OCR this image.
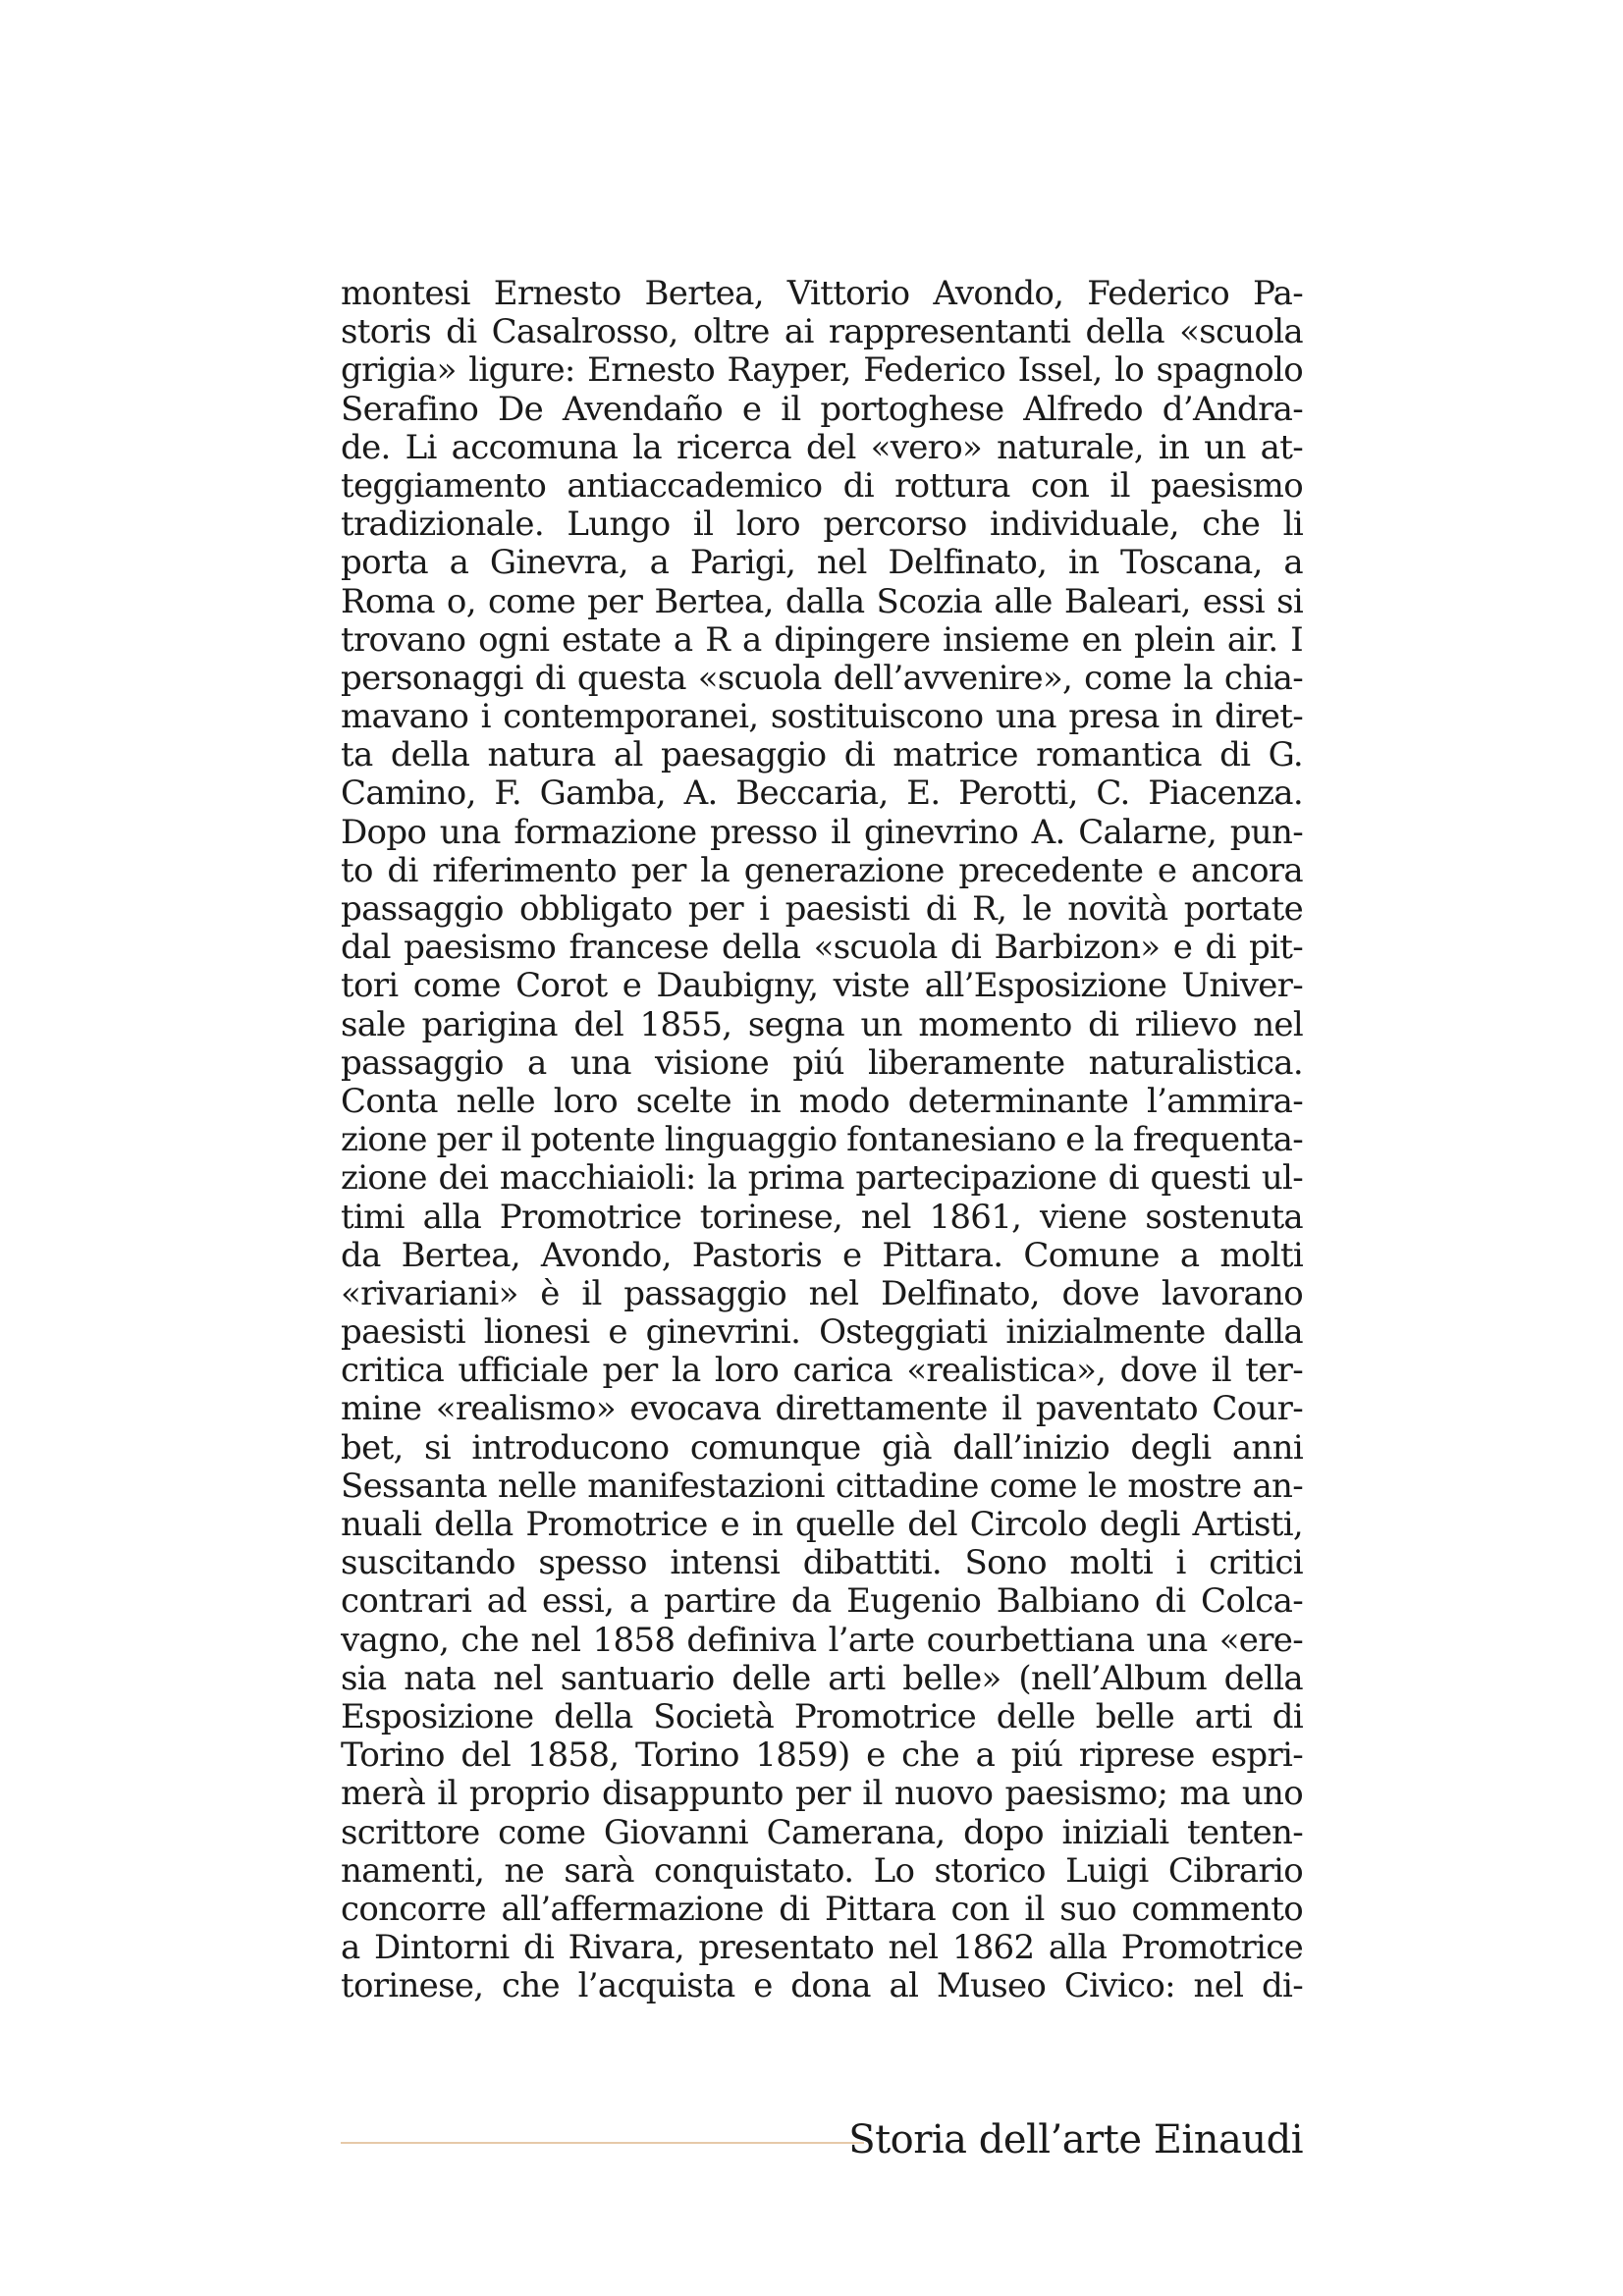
montesi Ernesto Bertea, Vittorio Avondo, Federico Pa-
storis di Casalrosso, oltre ai rappresentanti della «scuola
grigia» ligure: Ernesto Rayper, Federico Issel, lo spagnolo
Serafino De Avendaño e il portoghese Alfredo d’Andra-
de. Li accomuna la ricerca del «vero» naturale, in un at-
teggiamento antiaccademico di rottura con il paesismo
tradizionale. Lungo il loro percorso individuale, che li
porta a Ginevra, a Parigi, nel Delfinato, in Toscana, a
Roma o, come per Bertea, dalla Scozia alle Baleari, essi si
trovano ogni estate a R a dipingere insieme en plein air. I
personaggi di questa «scuola dell’avvenire», come la chia-
mavano i contemporanei, sostituiscono una presa in diret-
ta della natura al paesaggio di matrice romantica di G.
Camino, F. Gamba, A. Beccaria, E. Perotti, C. Piacenza.
Dopo una formazione presso il ginevrino A. Calarne, pun-
to di riferimento per la generazione precedente e ancora
passaggio obbligato per i paesisti di R, le novità portate
dal paesismo francese della «scuola di Barbizon» e di pit-
tori come Corot e Daubigny, viste all’Esposizione Univer-
sale parigina del 1855, segna un momento di rilievo nel
passaggio a una visione piú liberamente naturalistica.
Conta nelle loro scelte in modo determinante l’ammira-
zione per il potente linguaggio fontanesiano e la frequenta-
zione dei macchiaioli: la prima partecipazione di questi ul-
timi alla Promotrice torinese, nel 1861, viene sostenuta
da Bertea, Avondo, Pastoris e Pittara. Comune a molti
«rivariani» è il passaggio nel Delfinato, dove lavorano
paesisti lionesi e ginevrini. Osteggiati inizialmente dalla
critica ufficiale per la loro carica «realistica», dove il ter-
mine «realismo» evocava direttamente il paventato Cour-
bet, si introducono comunque già dall’inizio degli anni
Sessanta nelle manifestazioni cittadine come le mostre an-
nuali della Promotrice e in quelle del Circolo degli Artisti,
suscitando spesso intensi dibattiti. Sono molti i critici
contrari ad essi, a partire da Eugenio Balbiano di Colca-
vagno, che nel 1858 definiva l’arte courbettiana una «ere-
sia nata nel santuario delle arti belle» (nell’Album della
Esposizione della Società Promotrice delle belle arti di
Torino del 1858, Torino 1859) e che a piú riprese espri-
merà il proprio disappunto per il nuovo paesismo; ma uno
scrittore come Giovanni Camerana, dopo iniziali tenten-
namenti, ne sarà conquistato. Lo storico Luigi Cibrario
concorre all’affermazione di Pittara con il suo commento
a Dintorni di Rivara, presentato nel 1862 alla Promotrice
torinese, che l’acquista e dona al Museo Civico: nel di-
Storia dell’arte Einaudi
